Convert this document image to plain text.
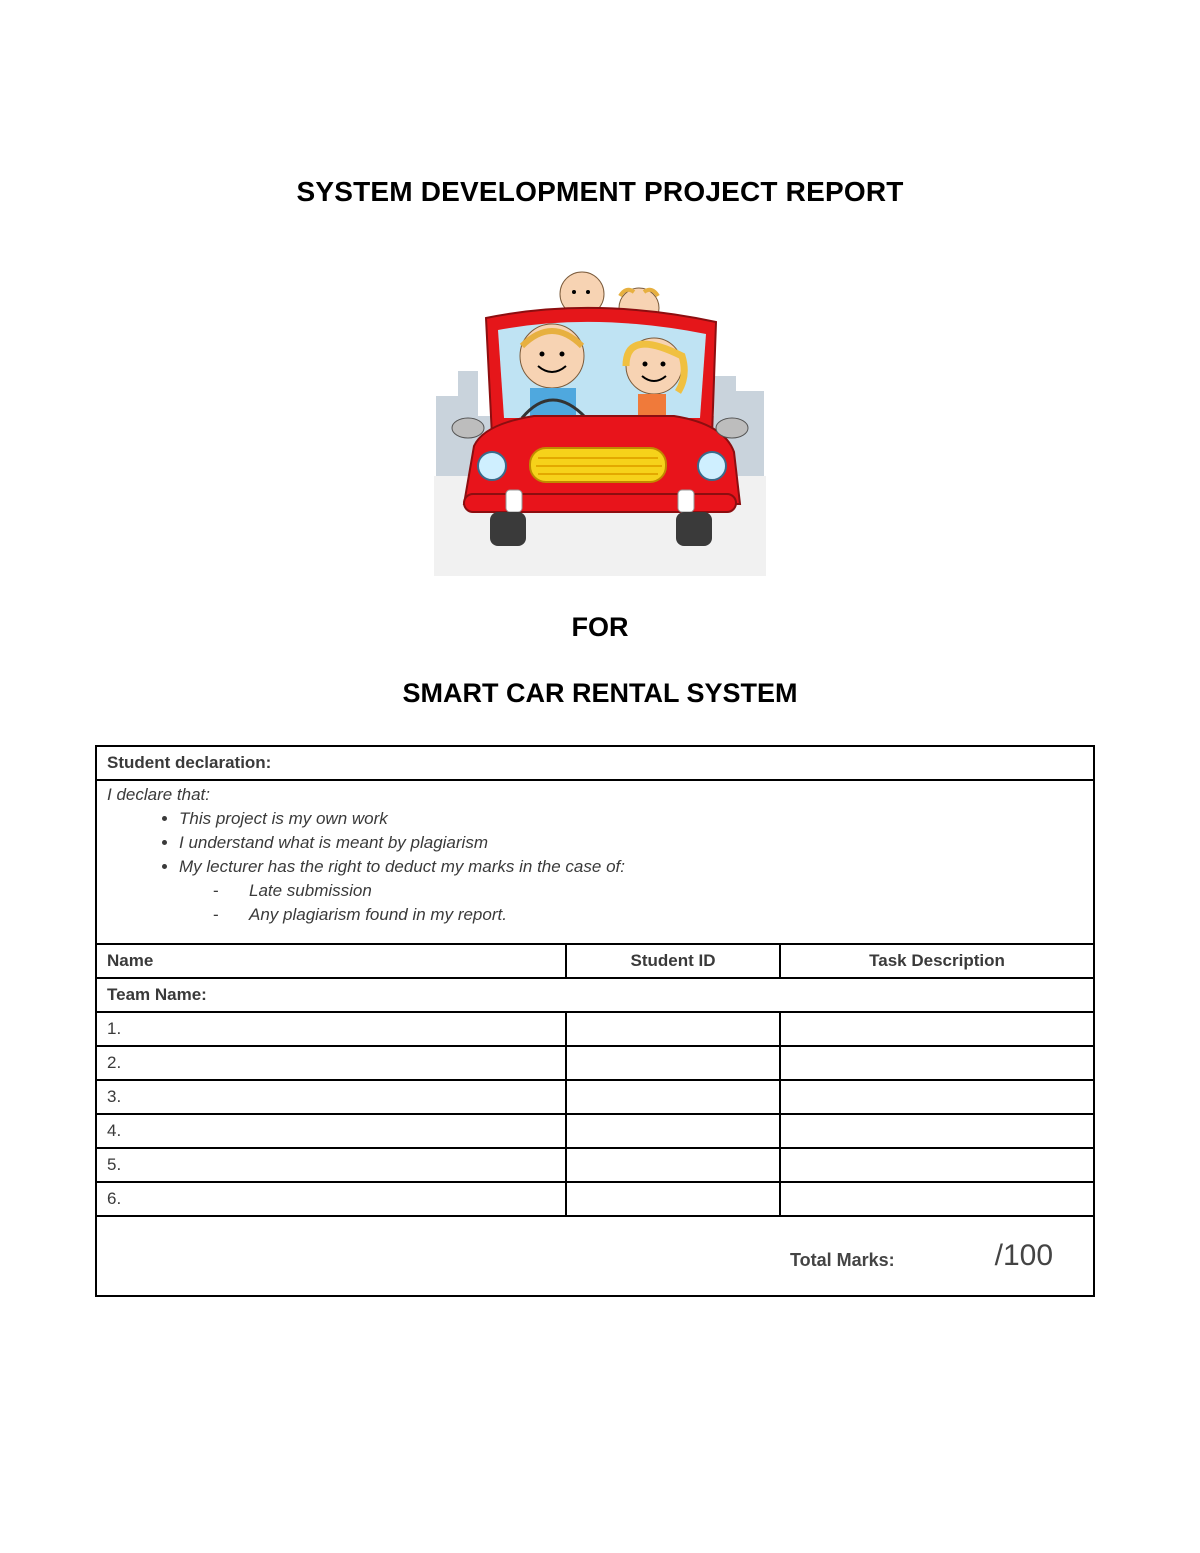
SYSTEM DEVELOPMENT PROJECT REPORT
FOR
SMART CAR RENTAL SYSTEM
Student declaration:		

I declare that:
• This project is my own work
• I understand what is meant by plagiarism
• My lecturer has the right to deduct my marks in the case of:
- Late submission
- Any plagiarism found in my report.

Name	Student ID	Task Description
Team Name:		
1.		
2.		
3.		
4.		
5.		
6.		

Total Marks: /100		
